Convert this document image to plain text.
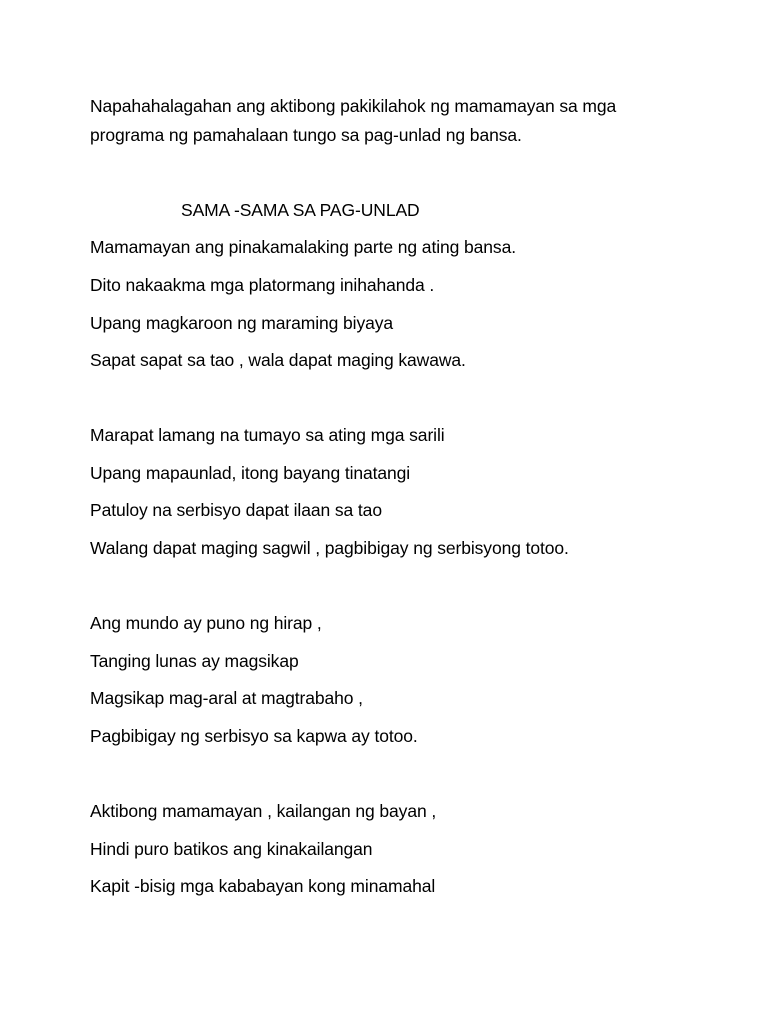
Napahahalagahan ang aktibong pakikilahok ng mamamayan sa mga
programa ng pamahalaan tungo sa pag-unlad ng bansa.
SAMA -SAMA SA PAG-UNLAD
Mamamayan ang pinakamalaking parte ng ating bansa.
Dito nakaakma mga platormang inihahanda .
Upang magkaroon ng maraming biyaya
Sapat sapat sa tao , wala dapat maging kawawa.
Marapat lamang na tumayo sa ating mga sarili
Upang mapaunlad, itong bayang tinatangi
Patuloy na serbisyo dapat ilaan sa tao
Walang dapat maging sagwil , pagbibigay ng serbisyong totoo.
Ang mundo ay puno ng hirap ,
Tanging lunas ay magsikap
Magsikap mag-aral at magtrabaho ,
Pagbibigay ng serbisyo sa kapwa ay totoo.
Aktibong mamamayan , kailangan ng bayan ,
Hindi puro batikos ang kinakailangan
Kapit -bisig mga kababayan kong minamahal
